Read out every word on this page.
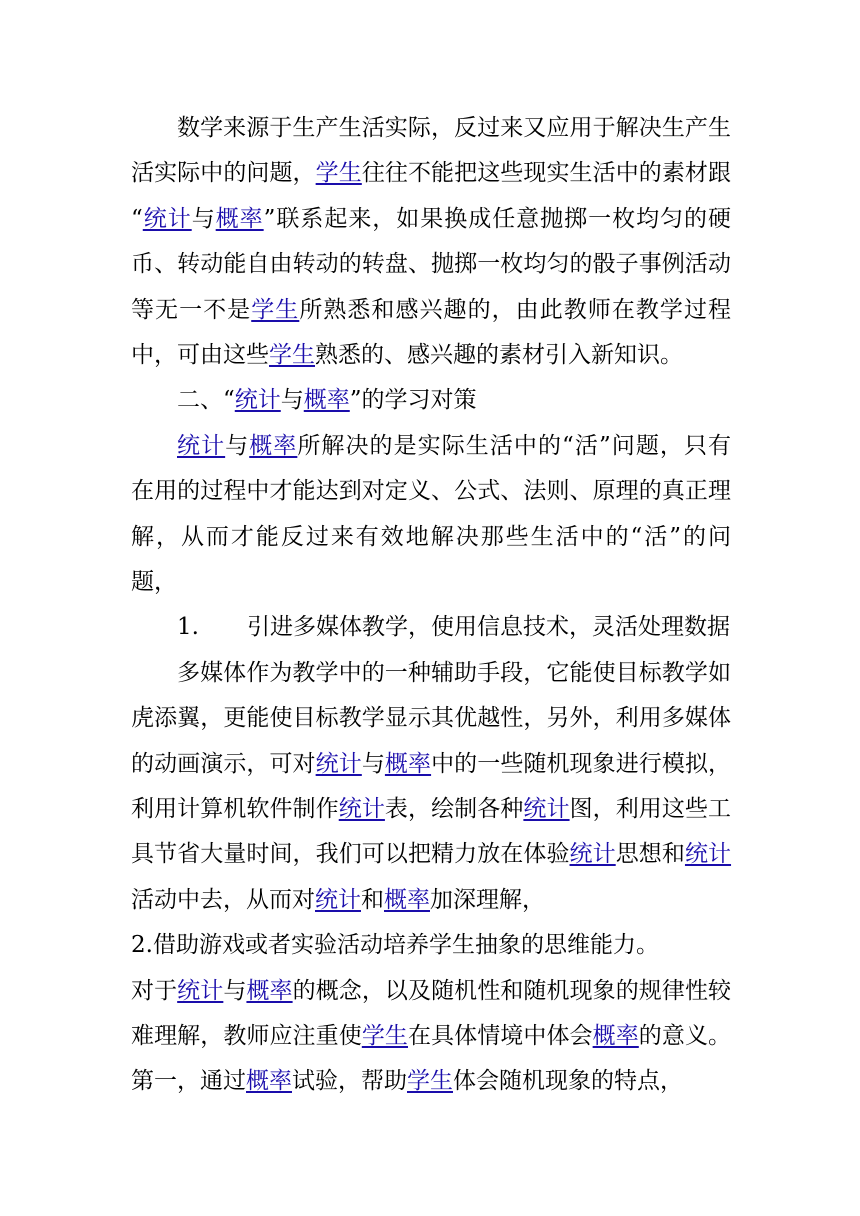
数学来源于生产生活实际，反过来又应用于解决生产生
活实际中的问题，学生往往不能把这些现实生活中的素材跟
“统计与概率”联系起来，如果换成任意抛掷一枚均匀的硬
币、转动能自由转动的转盘、抛掷一枚均匀的骰子事例活动
等无一不是学生所熟悉和感兴趣的，由此教师在教学过程
中，可由这些学生熟悉的、感兴趣的素材引入新知识。
二、“统计与概率”的学习对策
统计与概率所解决的是实际生活中的“活”问题，只有
在用的过程中才能达到对定义、公式、法则、原理的真正理
解，从而才能反过来有效地解决那些生活中的“活”的问
题，
1. 引进多媒体教学，使用信息技术，灵活处理数据
多媒体作为教学中的一种辅助手段，它能使目标教学如
虎添翼，更能使目标教学显示其优越性，另外，利用多媒体
的动画演示，可对统计与概率中的一些随机现象进行模拟，
利用计算机软件制作统计表，绘制各种统计图，利用这些工
具节省大量时间，我们可以把精力放在体验统计思想和统计
活动中去，从而对统计和概率加深理解，
2.借助游戏或者实验活动培养学生抽象的思维能力。
对于统计与概率的概念，以及随机性和随机现象的规律性较
难理解，教师应注重使学生在具体情境中体会概率的意义。
第一，通过概率试验，帮助学生体会随机现象的特点，
